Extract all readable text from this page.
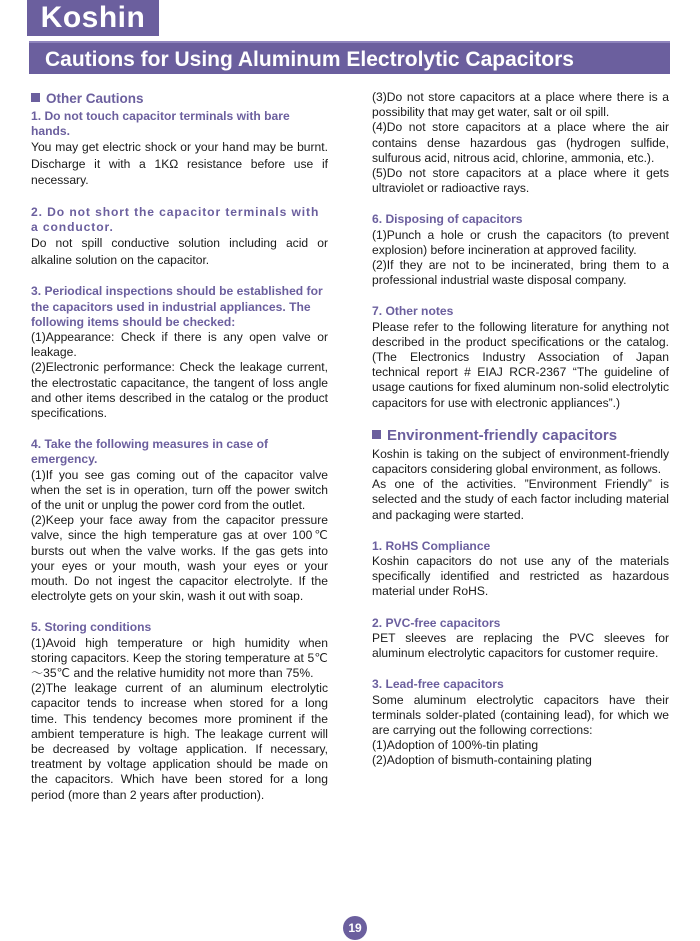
Koshin
Cautions for Using Aluminum Electrolytic Capacitors
Other Cautions
1. Do not touch capacitor terminals with bare hands.

You may get electric shock or your hand may be burnt. Discharge it with a 1KΩ resistance before use if necessary.

2. Do not short the capacitor terminals with a conductor.

Do not spill conductive solution including acid or alkaline solution on the capacitor.

3. Periodical inspections should be established for the capacitors used in industrial appliances. The following items should be checked:

(1)Appearance: Check if there is any open valve or leakage.

(2)Electronic performance: Check the leakage current, the electrostatic capacitance, the tangent of loss angle and other items described in the catalog or the product specifications.

4. Take the following measures in case of emergency.

(1)If you see gas coming out of the capacitor valve when the set is in operation, turn off the power switch of the unit or unplug the power cord from the outlet.

(2)Keep your face away from the capacitor pressure valve, since the high temperature gas at over 100℃ bursts out when the valve works. If the gas gets into your eyes or your mouth, wash your eyes or your mouth. Do not ingest the capacitor electrolyte. If the electrolyte gets on your skin, wash it out with soap.

5. Storing conditions

(1)Avoid high temperature or high humidity when storing capacitors. Keep the storing temperature at 5℃～35℃ and the relative humidity not more than 75%.

(2)The leakage current of an aluminum electrolytic capacitor tends to increase when stored for a long time. This tendency becomes more prominent if the ambient temperature is high. The leakage current will be decreased by voltage application. If necessary, treatment by voltage application should be made on the capacitors. Which have been stored for a long period (more than 2 years after production).

(3)Do not store capacitors at a place where there is a possibility that may get water, salt or oil spill.

(4)Do not store capacitors at a place where the air contains dense hazardous gas (hydrogen sulfide, sulfurous acid, nitrous acid, chlorine, ammonia, etc.).

(5)Do not store capacitors at a place where it gets ultraviolet or radioactive rays.

6. Disposing of capacitors

(1)Punch a hole or crush the capacitors (to prevent explosion) before incineration at approved facility.

(2)If they are not to be incinerated, bring them to a professional industrial waste disposal company.

7. Other notes

Please refer to the following literature for anything not described in the product specifications or the catalog. (The Electronics Industry Association of Japan technical report # EIAJ RCR-2367 “The guideline of usage cautions for fixed aluminum non-solid electrolytic capacitors for use with electronic appliances”.)

Environment-friendly capacitors

Koshin is taking on the subject of environment-friendly capacitors considering global environment, as follows.

As one of the activities. ”Environment Friendly” is selected and the study of each factor including material and packaging were started.

1. RoHS Compliance

Koshin capacitors do not use any of the materials specifically identified and restricted as hazardous material under RoHS.

2. PVC-free capacitors

PET sleeves are replacing the PVC sleeves for aluminum electrolytic capacitors for customer require.

3. Lead-free capacitors

Some aluminum electrolytic capacitors have their terminals solder-plated (containing lead), for which we are carrying out the following corrections:

(1)Adoption of 100%-tin plating

(2)Adoption of bismuth-containing plating

19
